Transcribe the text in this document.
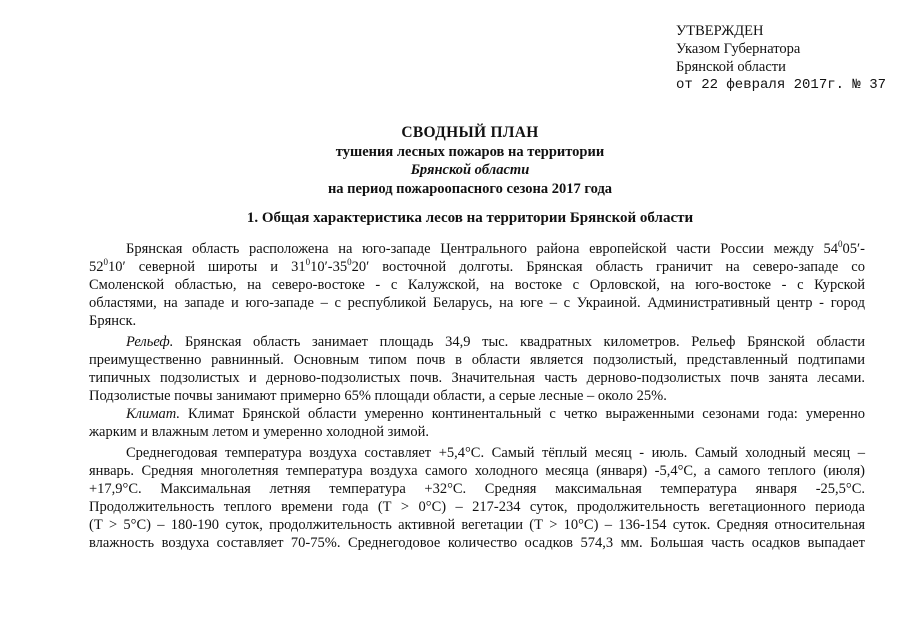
УТВЕРЖДЕН
Указом Губернатора
Брянской области
от 22 февраля 2017г. № 37
СВОДНЫЙ ПЛАН
тушения лесных пожаров на территории
Брянской области
на период пожароопасного сезона 2017 года
1. Общая характеристика лесов на территории Брянской области
Брянская область расположена на юго-западе Центрального района европейской части России между $54^005'-$
$52^010'$ северной широты и $31^010'-35^020'$ восточной долготы. Брянская область граничит на северо-западе со
Смоленской областью, на северо-востоке - с Калужской, на востоке с Орловской, на юго-востоке - с Курской
областями, на западе и юго-западе – с республикой Беларусь, на юге – с Украиной. Административный центр - город
Брянск.
Рельеф. Брянская область занимает площадь 34,9 тыс. квадратных километров. Рельеф Брянской области
преимущественно равнинный. Основным типом почв в области является подзолистый, представленный подтипами
типичных подзолистых и дерново-подзолистых почв. Значительная часть дерново-подзолистых почв занята лесами.
Подзолистые почвы занимают примерно 65% площади области, а серые лесные – около 25%.
Климат. Климат Брянской области умеренно континентальный с четко выраженными сезонами года: умеренно
жарким и влажным летом и умеренно холодной зимой.
Среднегодовая температура воздуха составляет +5,4°С. Самый тёплый месяц - июль. Самый холодный месяц –
январь. Средняя многолетняя температура воздуха самого холодного месяца (января) -5,4°С, а самого теплого (июля)
+17,9°С. Максимальная летняя температура +32°С. Средняя максимальная температура января -25,5°С.
Продолжительность теплого времени года (Т > 0°С) – 217-234 суток, продолжительность вегетационного периода
(Т > 5°С) – 180-190 суток, продолжительность активной вегетации (Т > 10°С) – 136-154 суток. Средняя относительная
влажность воздуха составляет 70-75%. Среднегодовое количество осадков 574,3 мм. Большая часть осадков выпадает
